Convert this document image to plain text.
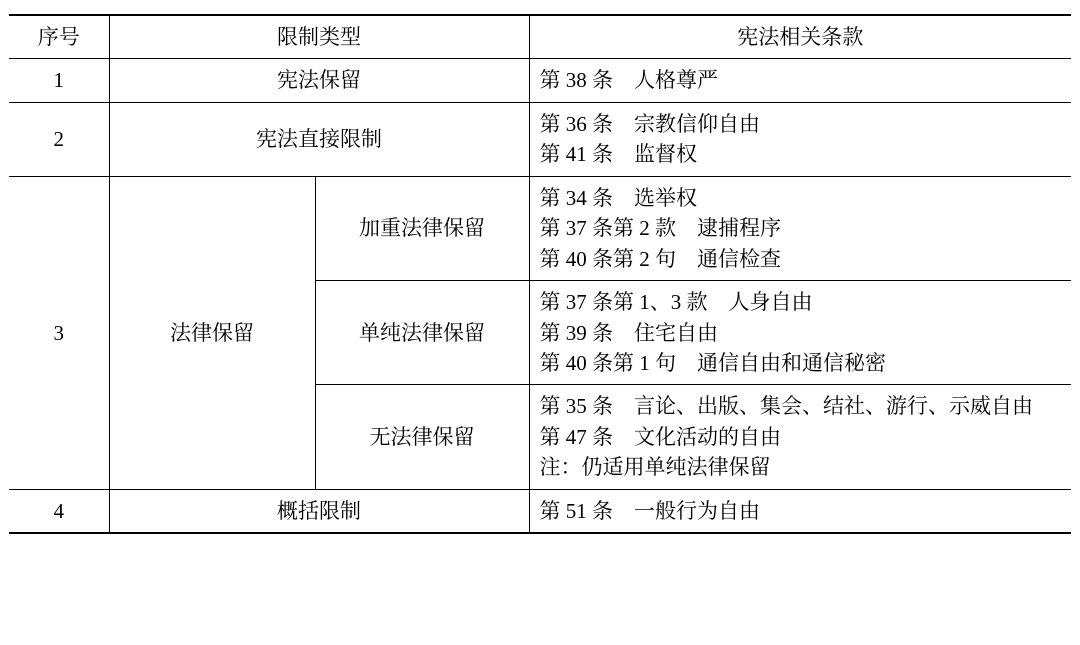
序号	限制类型		宪法相关条款
1	宪法保留		第 38 条　人格尊严

2	宪法直接限制		第 36 条　宗教信仰自由
第 41 条　监督权

3	法律保留	加重法律保留	第 34 条　选举权
第 37 条第 2 款　逮捕程序
第 40 条第 2 句　通信检查

		单纯法律保留	第 37 条第 1、3 款　人身自由
第 39 条　住宅自由
第 40 条第 1 句　通信自由和通信秘密

		无法律保留	第 35 条　言论、出版、集会、结社、游行、示威自由
第 47 条　文化活动的自由
注：仍适用单纯法律保留

4	概括限制		第 51 条　一般行为自由
